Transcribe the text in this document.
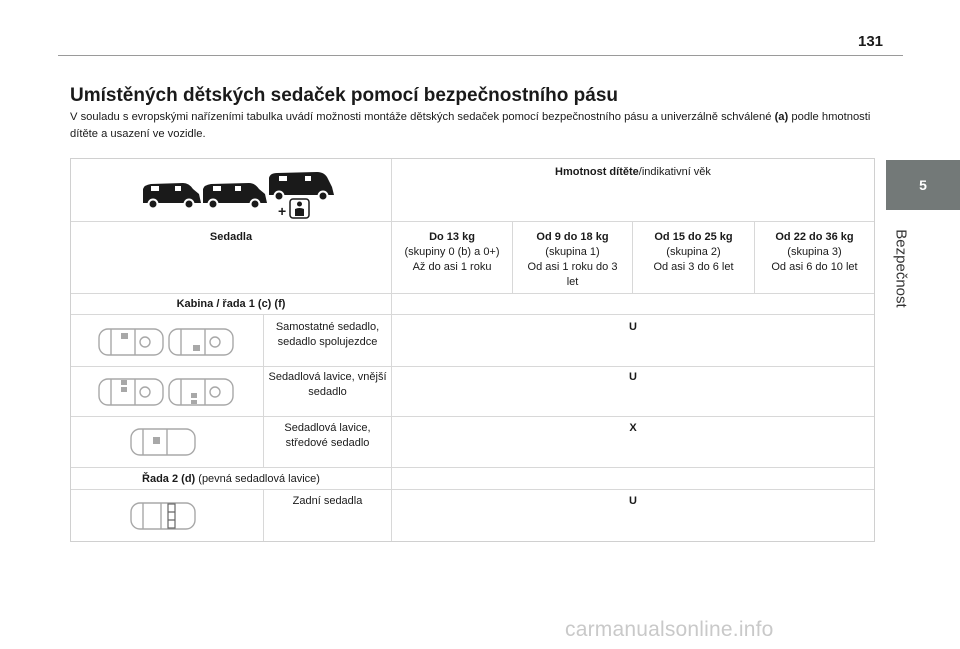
131
5
Bezpečnost
Umístěných dětských sedaček pomocí bezpečnostního pásu
V souladu s evropskými nařízeními tabulka uvádí možnosti montáže dětských sedaček pomocí bezpečnostního pásu a univerzálně schválené (a) podle hmotnosti dítěte a usazení ve vozidle.
+
Hmotnost dítěte/indikativní věk
Sedadla	Do 13 kg
(skupiny 0 (b) a 0+)
Až do asi 1 roku
Od 9 do 18 kg
(skupina 1)
Od asi 1 roku do 3 let
Od 15 do 25 kg
(skupina 2)
Od asi 3 do 6 let
Od 22 do 36 kg
(skupina 3)
Od asi 6 do 10 let
Kabina / řada 1 (c) (f)
Samostatné sedadlo, sedadlo spolujezdce
U
Sedadlová lavice, vnější sedadlo
U
Sedadlová lavice, středové sedadlo
X
Řada 2 (d) (pevná sedadlová lavice)
Zadní sedadla	U
carmanualsonline.info
